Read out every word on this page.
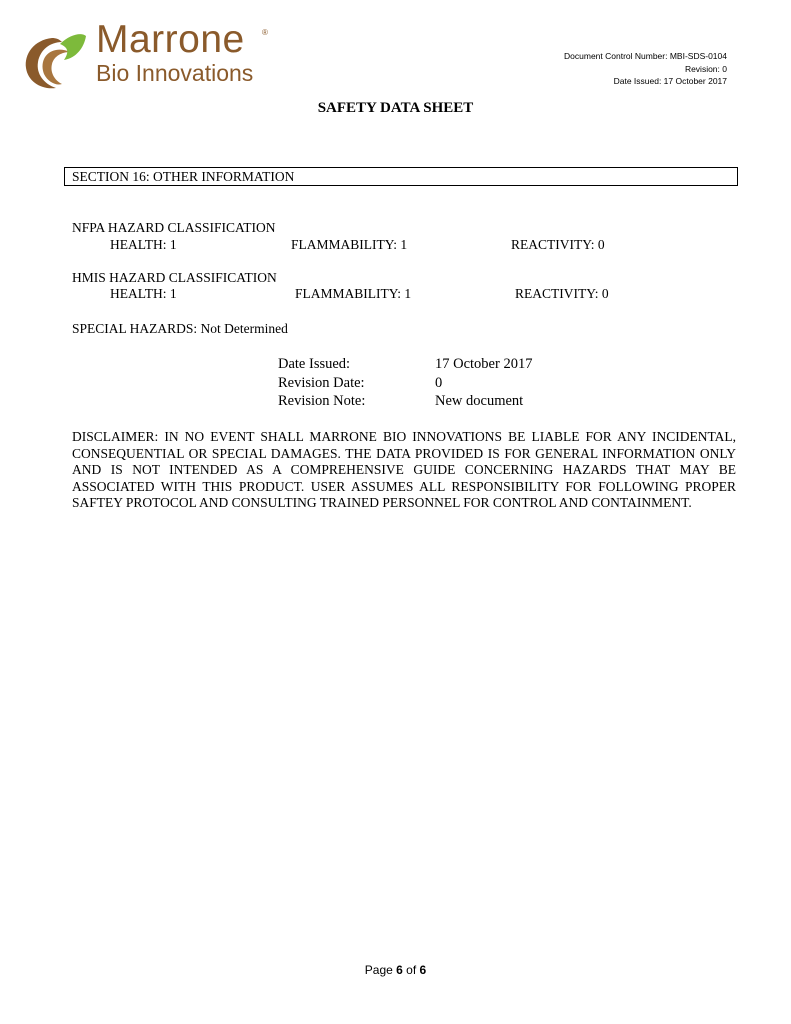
Marrone ®
Bio Innovations
Document Control Number: MBI-SDS-0104
Revision: 0
Date Issued: 17 October 2017
SAFETY DATA SHEET
SECTION 16: OTHER INFORMATION
NFPA HAZARD CLASSIFICATION
HEALTH: 1	FLAMMABILITY: 1	REACTIVITY: 0
HMIS HAZARD CLASSIFICATION
HEALTH: 1	FLAMMABILITY: 1	REACTIVITY: 0
SPECIAL HAZARDS: Not Determined
Date Issued:	17 October 2017
Revision Date:	0
Revision Note:	New document

DISCLAIMER: IN NO EVENT SHALL MARRONE BIO INNOVATIONS BE LIABLE FOR ANY INCIDENTAL, CONSEQUENTIAL OR SPECIAL DAMAGES. THE DATA PROVIDED IS FOR GENERAL INFORMATION ONLY AND IS NOT INTENDED AS A COMPREHENSIVE GUIDE CONCERNING HAZARDS THAT MAY BE ASSOCIATED WITH THIS PRODUCT. USER ASSUMES ALL RESPONSIBILITY FOR FOLLOWING PROPER SAFTEY PROTOCOL AND CONSULTING TRAINED PERSONNEL FOR CONTROL AND CONTAINMENT.

Page 6 of 6
